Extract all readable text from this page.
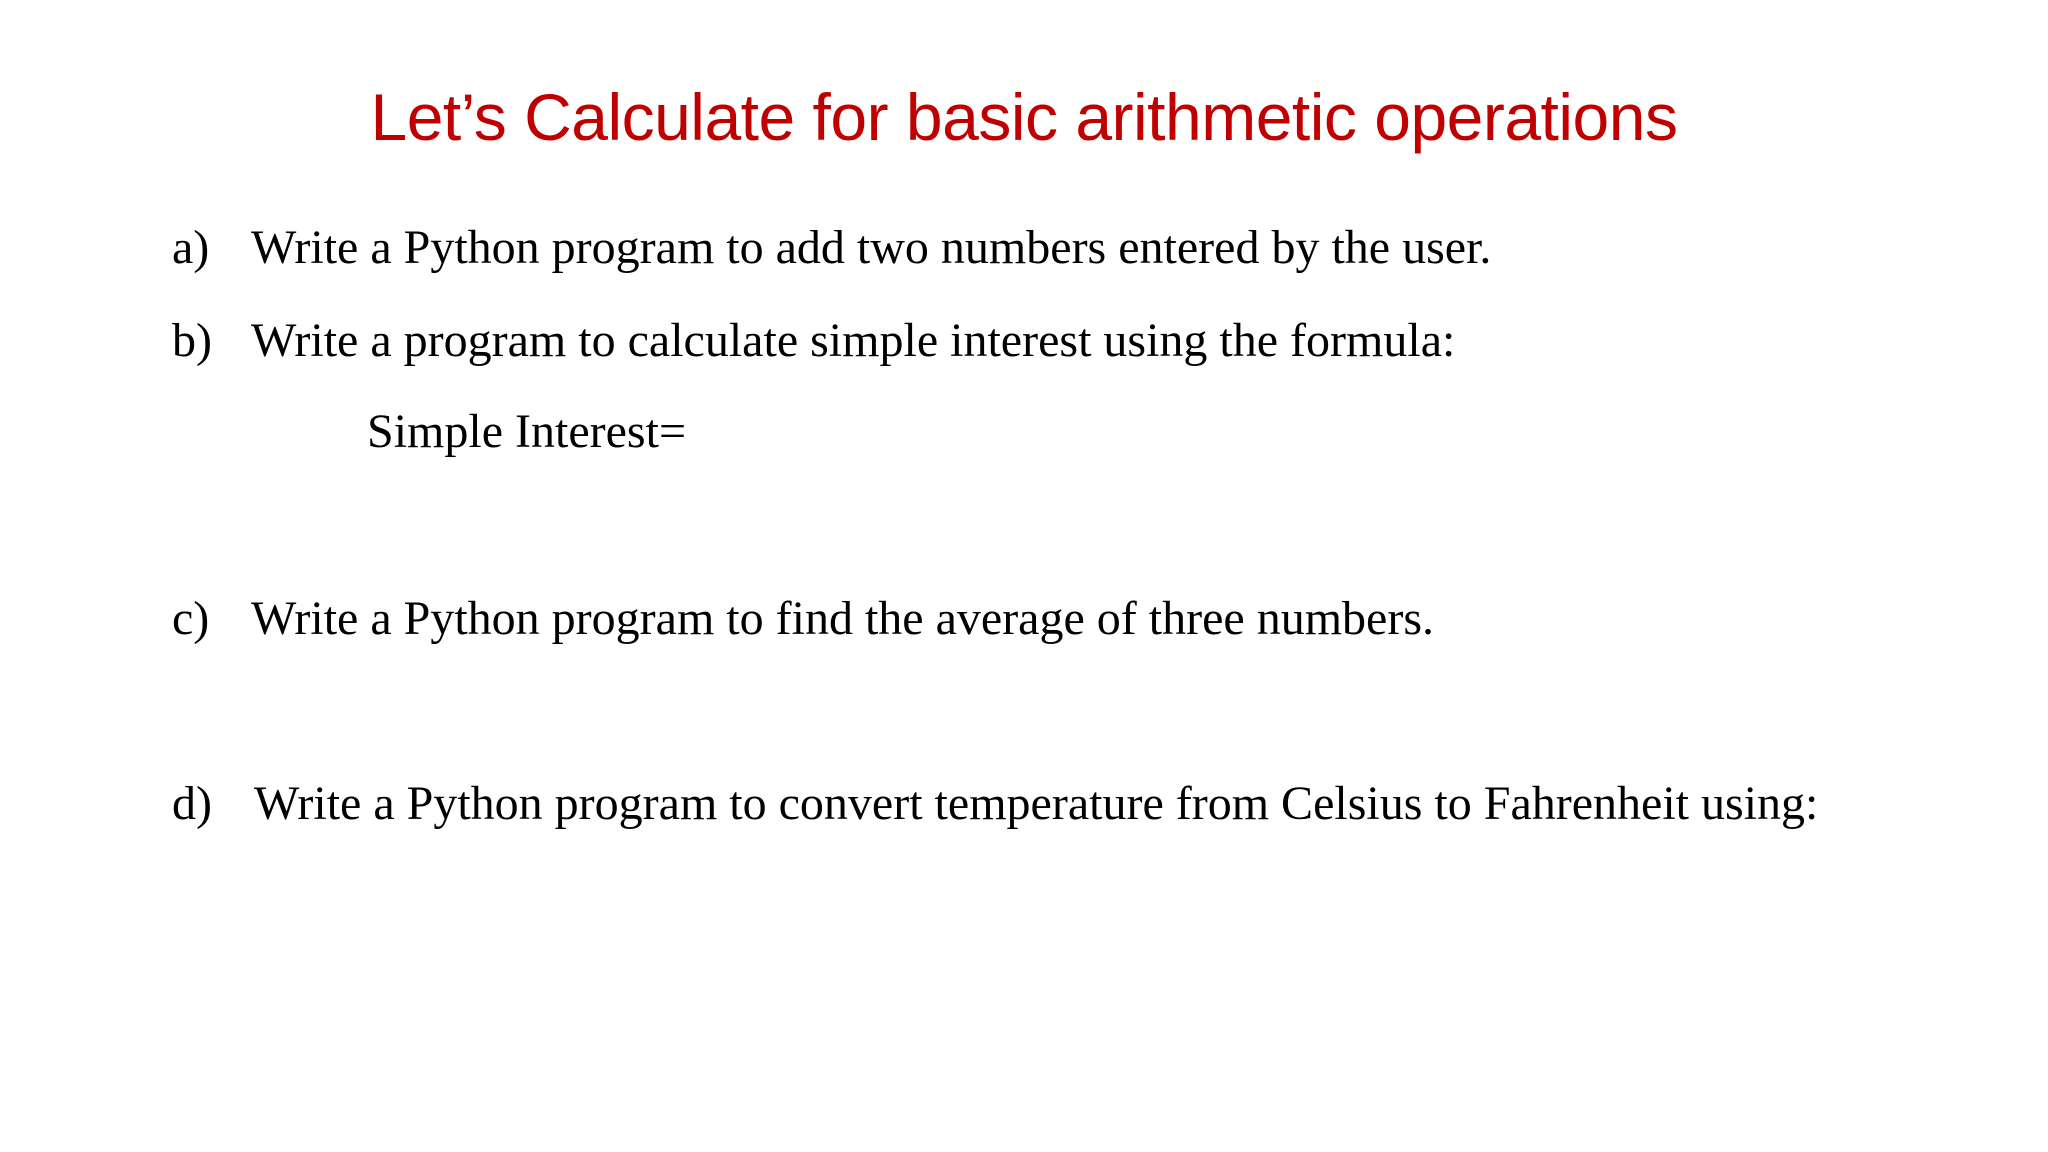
Let’s Calculate for basic arithmetic operations
a) Write a Python program to add two numbers entered by the user.
b) Write a program to calculate simple interest using the formula:
Simple Interest=
c) Write a Python program to find the average of three numbers.
d) Write a Python program to convert temperature from Celsius to Fahrenheit using:
